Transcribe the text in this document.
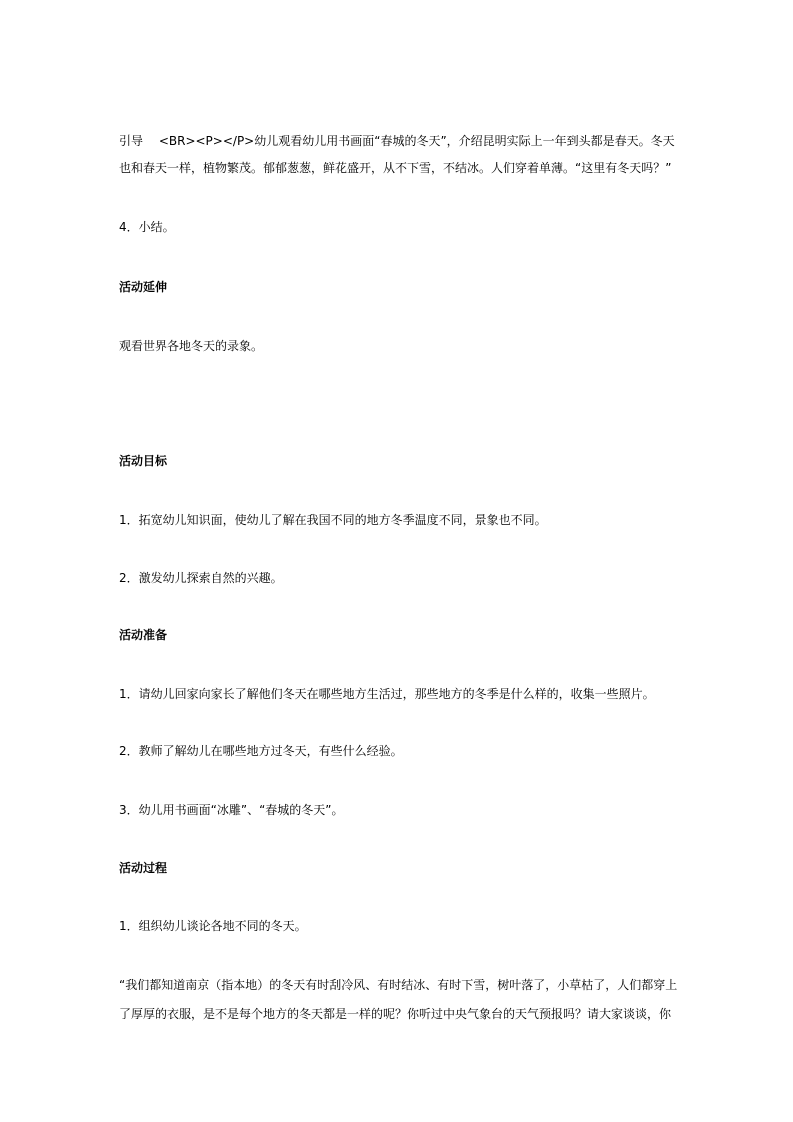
引导　 <BR><P></P>幼儿观看幼儿用书画面“春城的冬天”，介绍昆明实际上一年到头都是春天。冬天
也和春天一样，植物繁茂。郁郁葱葱，鲜花盛开，从不下雪，不结冰。人们穿着单薄。“这里有冬天吗？”
4．小结。
活动延伸
观看世界各地冬天的录象。
活动目标
1．拓宽幼儿知识面，使幼儿了解在我国不同的地方冬季温度不同，景象也不同。
2．激发幼儿探索自然的兴趣。
活动准备
1．请幼儿回家向家长了解他们冬天在哪些地方生活过，那些地方的冬季是什么样的，收集一些照片。
2．教师了解幼儿在哪些地方过冬天，有些什么经验。
3．幼儿用书画面“冰雕”、“春城的冬天”。
活动过程
1．组织幼儿谈论各地不同的冬天。
“我们都知道南京（指本地）的冬天有时刮冷风、有时结冰、有时下雪，树叶落了，小草枯了，人们都穿上
了厚厚的衣服，是不是每个地方的冬天都是一样的呢？你听过中央气象台的天气预报吗？请大家谈谈，你
